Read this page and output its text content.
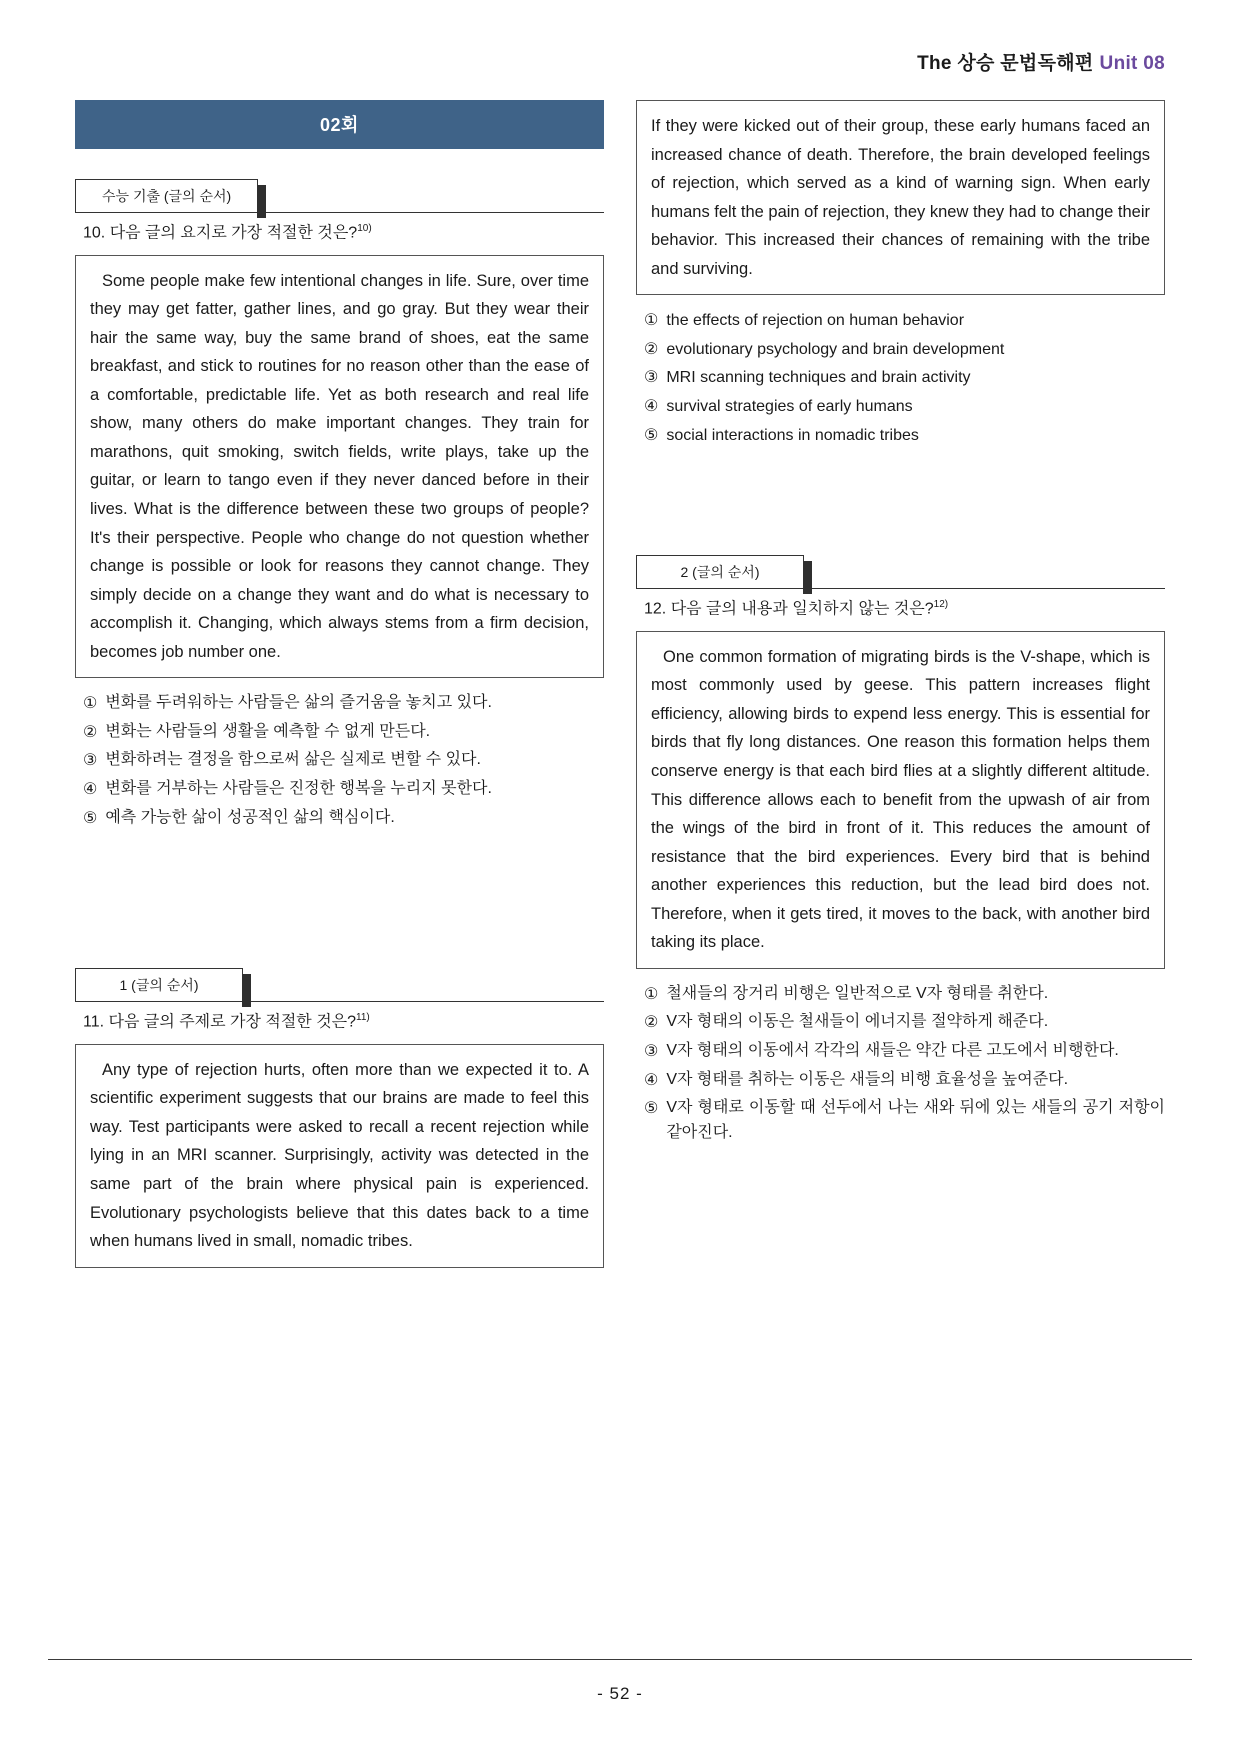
The 상승 문법독해편 Unit 08
02회
수능 기출 (글의 순서)
10. 다음 글의 요지로 가장 적절한 것은?$^{10)}$

Some people make few intentional changes in life. Sure, over time they may get fatter, gather lines, and go gray. But they wear their hair the same way, buy the same brand of shoes, eat the same breakfast, and stick to routines for no reason other than the ease of a comfortable, predictable life. Yet as both research and real life show, many others do make important changes. They train for marathons, quit smoking, switch fields, write plays, take up the guitar, or learn to tango even if they never danced before in their lives. What is the difference between these two groups of people? It's their perspective. People who change do not question whether change is possible or look for reasons they cannot change. They simply decide on a change they want and do what is necessary to accomplish it. Changing, which always stems from a firm decision, becomes job number one.

① 변화를 두려워하는 사람들은 삶의 즐거움을 놓치고 있다.
② 변화는 사람들의 생활을 예측할 수 없게 만든다.
③ 변화하려는 결정을 함으로써 삶은 실제로 변할 수 있다.
④ 변화를 거부하는 사람들은 진정한 행복을 누리지 못한다.
⑤ 예측 가능한 삶이 성공적인 삶의 핵심이다.
1 (글의 순서)
11. 다음 글의 주제로 가장 적절한 것은?$^{11)}$

Any type of rejection hurts, often more than we expected it to. A scientific experiment suggests that our brains are made to feel this way. Test participants were asked to recall a recent rejection while lying in an MRI scanner. Surprisingly, activity was detected in the same part of the brain where physical pain is experienced. Evolutionary psychologists believe that this dates back to a time when humans lived in small, nomadic tribes.

If they were kicked out of their group, these early humans faced an increased chance of death. Therefore, the brain developed feelings of rejection, which served as a kind of warning sign. When early humans felt the pain of rejection, they knew they had to change their behavior. This increased their chances of remaining with the tribe and surviving.

① the effects of rejection on human behavior
② evolutionary psychology and brain development
③ MRI scanning techniques and brain activity
④ survival strategies of early humans
⑤ social interactions in nomadic tribes
2 (글의 순서)
12. 다음 글의 내용과 일치하지 않는 것은?$^{12)}$

One common formation of migrating birds is the V-shape, which is most commonly used by geese. This pattern increases flight efficiency, allowing birds to expend less energy. This is essential for birds that fly long distances. One reason this formation helps them conserve energy is that each bird flies at a slightly different altitude. This difference allows each to benefit from the upwash of air from the wings of the bird in front of it. This reduces the amount of resistance that the bird experiences. Every bird that is behind another experiences this reduction, but the lead bird does not. Therefore, when it gets tired, it moves to the back, with another bird taking its place.

① 철새들의 장거리 비행은 일반적으로 V자 형태를 취한다.
② V자 형태의 이동은 철새들이 에너지를 절약하게 해준다.
③ V자 형태의 이동에서 각각의 새들은 약간 다른 고도에서 비행한다.
④ V자 형태를 취하는 이동은 새들의 비행 효율성을 높여준다.
⑤ V자 형태로 이동할 때 선두에서 나는 새와 뒤에 있는 새들의 공기 저항이 같아진다.
- 52 -
